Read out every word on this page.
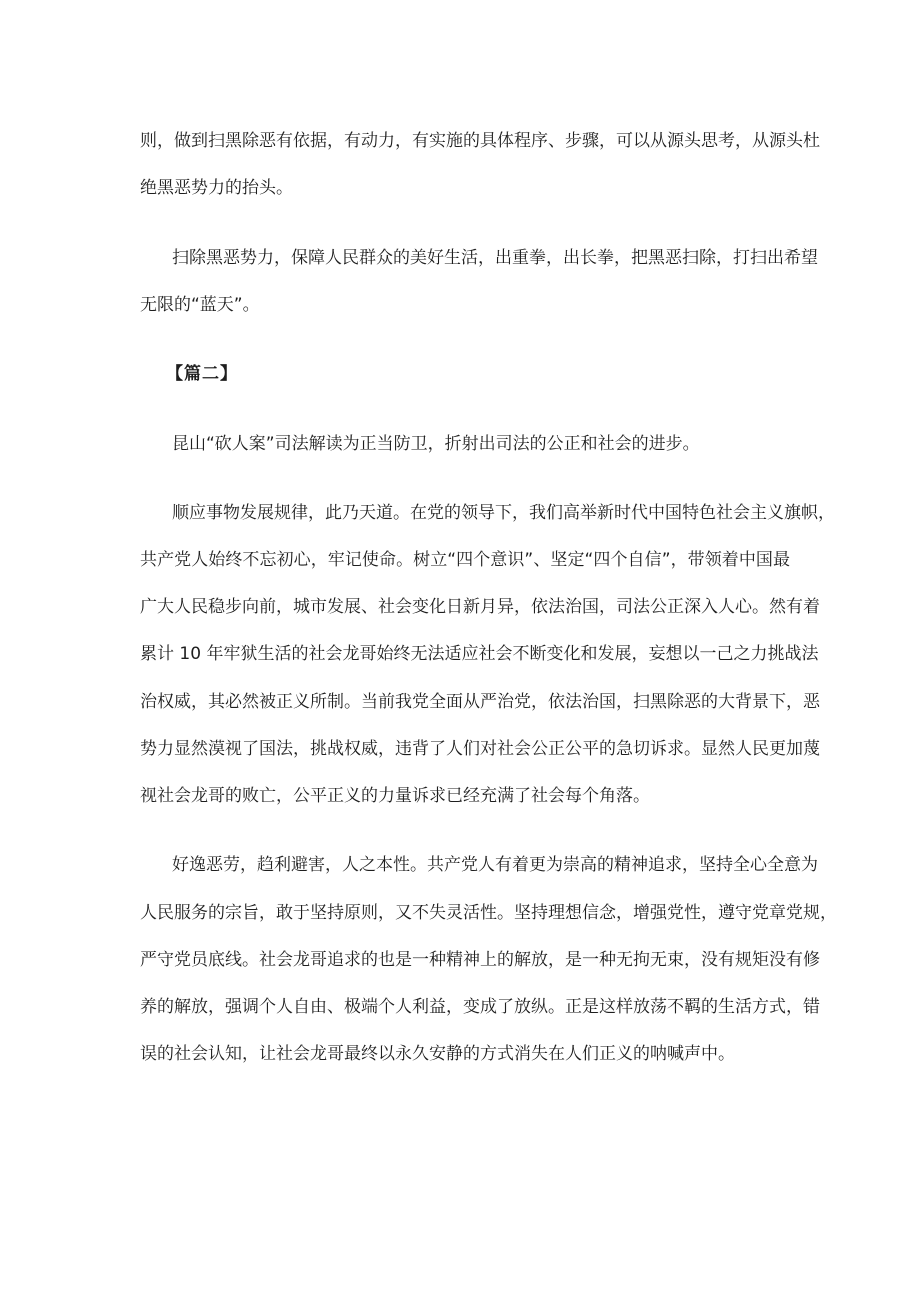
则，做到扫黑除恶有依据，有动力，有实施的具体程序、步骤，可以从源头思考，从源头杜
绝黑恶势力的抬头。
扫除黑恶势力，保障人民群众的美好生活，出重拳，出长拳，把黑恶扫除，打扫出希望
无限的“蓝天”。
【篇二】
昆山“砍人案”司法解读为正当防卫，折射出司法的公正和社会的进步。
顺应事物发展规律，此乃天道。在党的领导下，我们高举新时代中国特色社会主义旗帜，
共产党人始终不忘初心，牢记使命。树立“四个意识”、坚定“四个自信”，带领着中国最
广大人民稳步向前，城市发展、社会变化日新月异，依法治国，司法公正深入人心。然有着
累计 10 年牢狱生活的社会龙哥始终无法适应社会不断变化和发展，妄想以一己之力挑战法
治权威，其必然被正义所制。当前我党全面从严治党，依法治国，扫黑除恶的大背景下，恶
势力显然漠视了国法，挑战权威，违背了人们对社会公正公平的急切诉求。显然人民更加蔑
视社会龙哥的败亡，公平正义的力量诉求已经充满了社会每个角落。
好逸恶劳，趋利避害，人之本性。共产党人有着更为崇高的精神追求，坚持全心全意为
人民服务的宗旨，敢于坚持原则，又不失灵活性。坚持理想信念，增强党性，遵守党章党规，
严守党员底线。社会龙哥追求的也是一种精神上的解放，是一种无拘无束，没有规矩没有修
养的解放，强调个人自由、极端个人利益，变成了放纵。正是这样放荡不羁的生活方式，错
误的社会认知，让社会龙哥最终以永久安静的方式消失在人们正义的呐喊声中。
